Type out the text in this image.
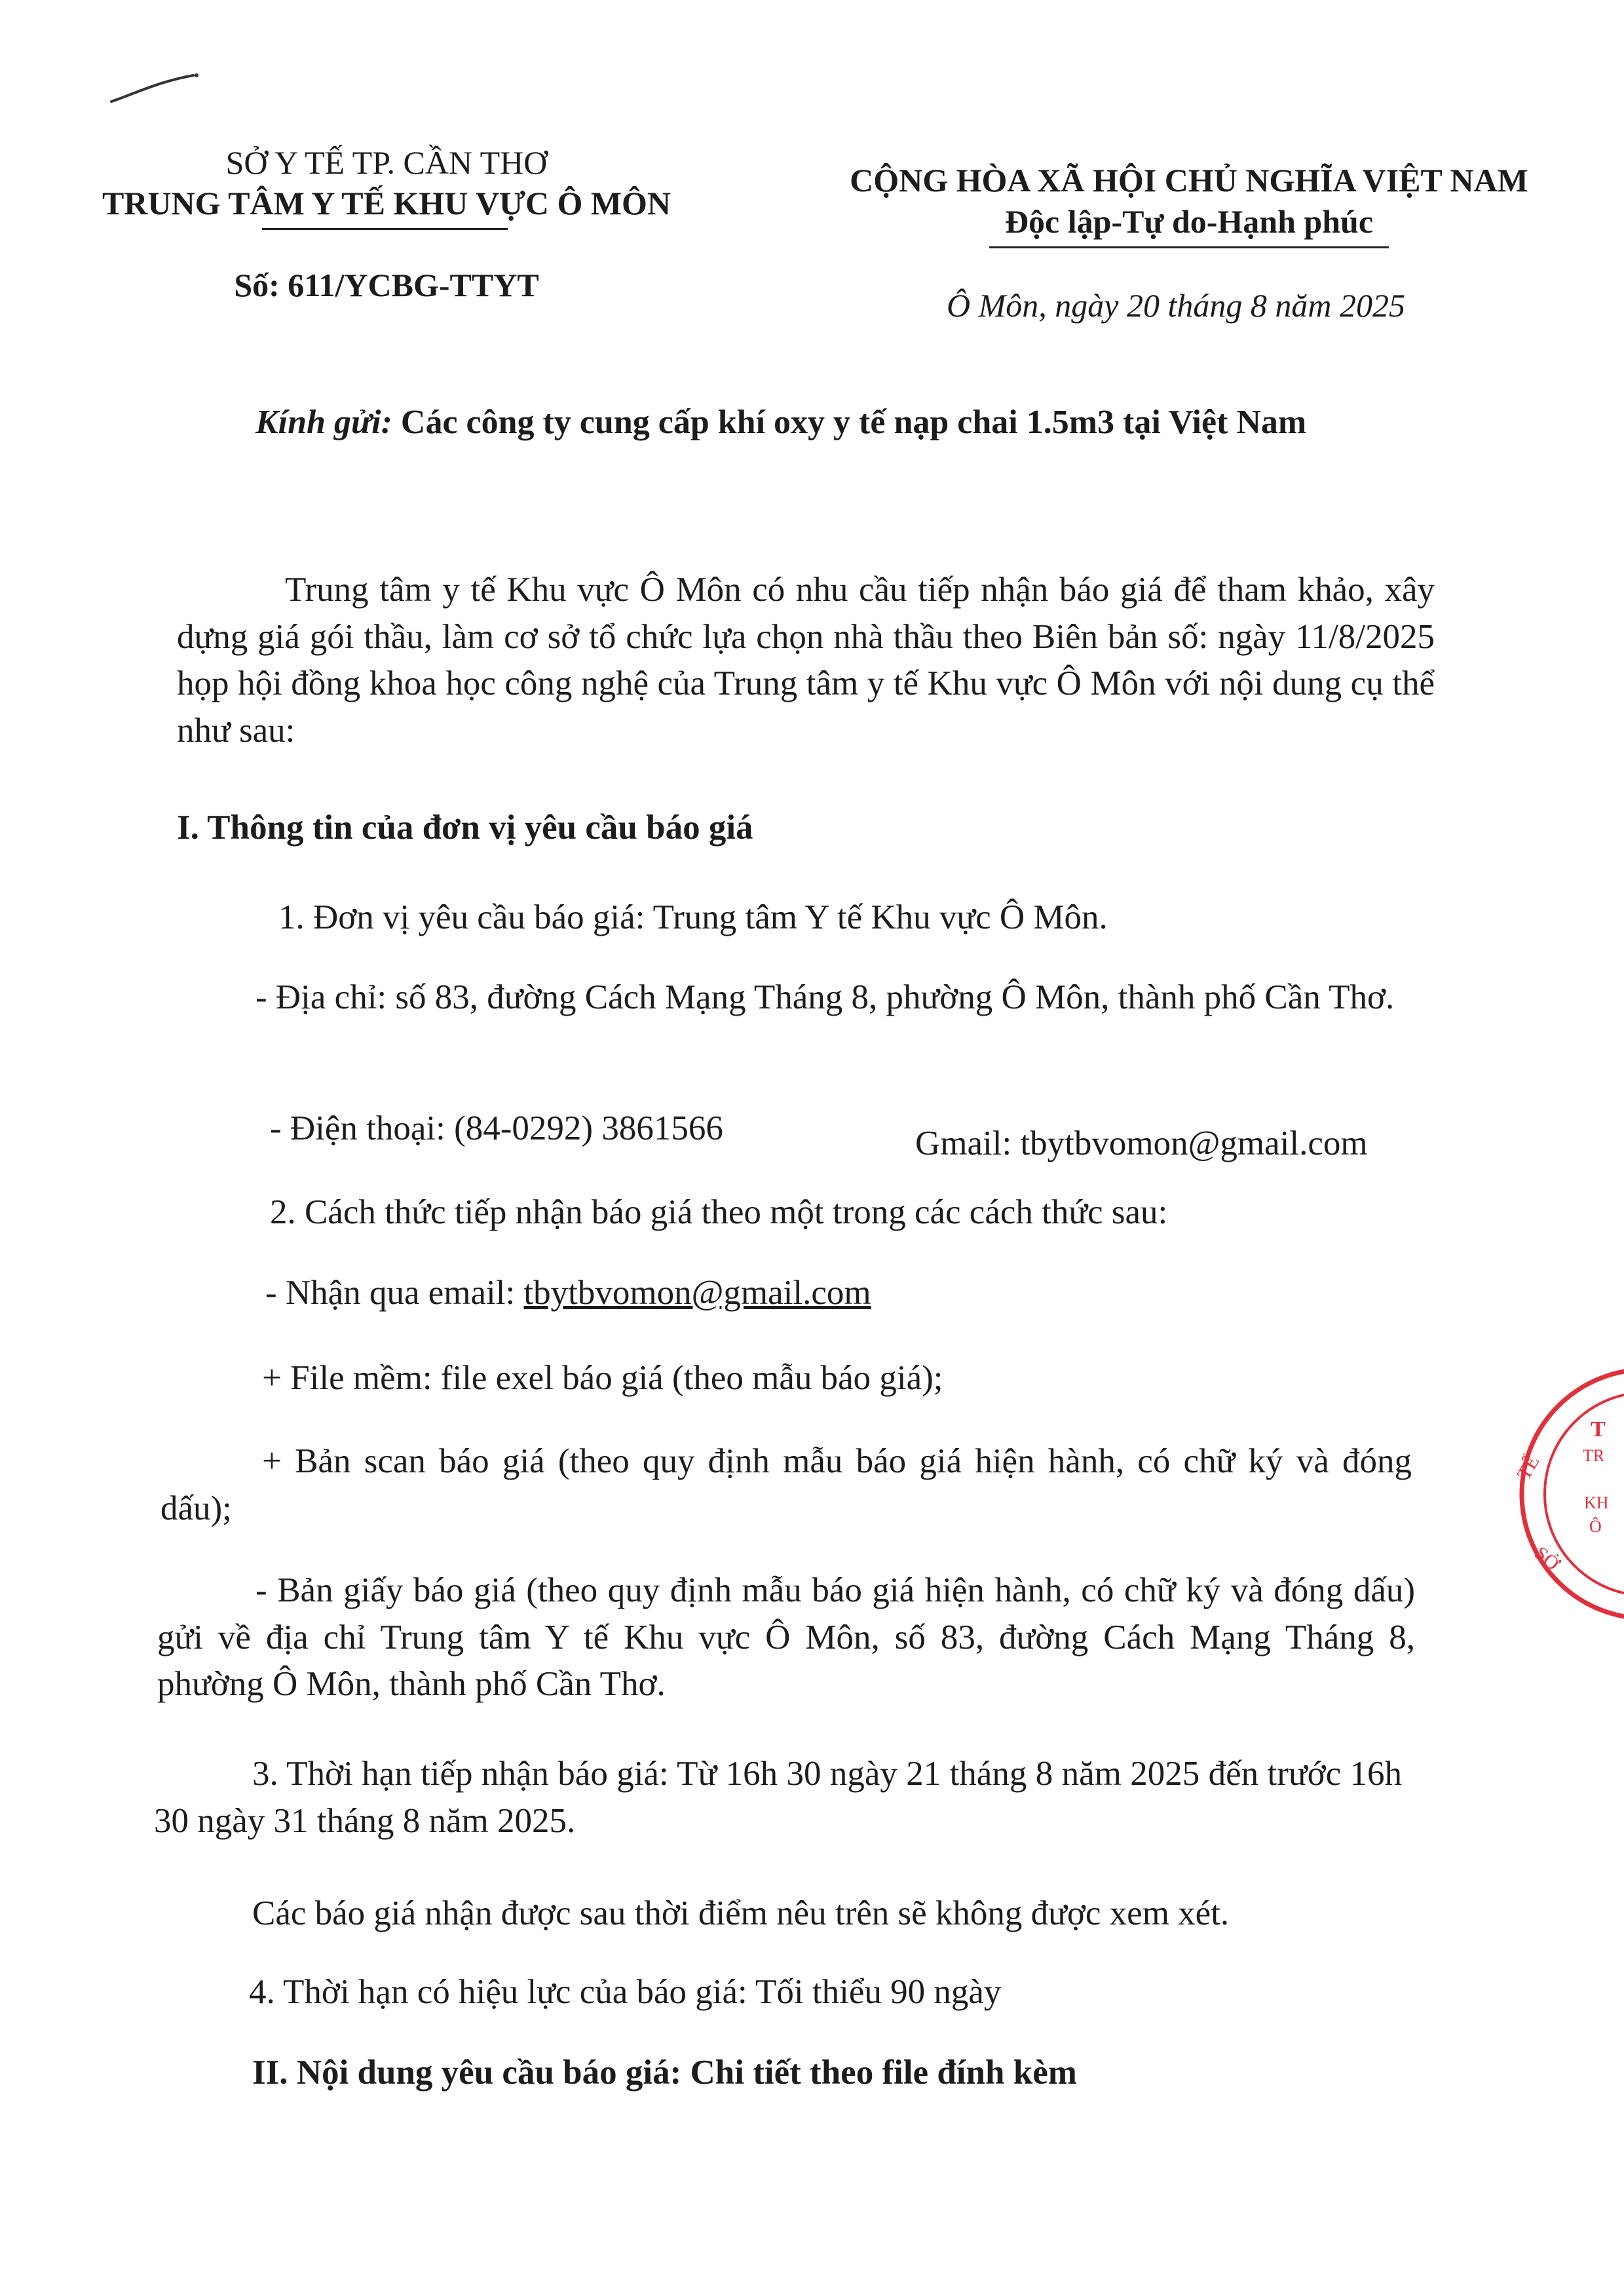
SỞ Y TẾ TP. CẦN THƠ
TRUNG TÂM Y TẾ KHU VỰC Ô MÔN
Số: 611/YCBG-TTYT
CỘNG HÒA XÃ HỘI CHỦ NGHĨA VIỆT NAM
Độc lập-Tự do-Hạnh phúc
Ô Môn, ngày 20 tháng 8 năm 2025
Kính gửi: Các công ty cung cấp khí oxy y tế nạp chai 1.5m3 tại Việt Nam
Trung tâm y tế Khu vực Ô Môn có nhu cầu tiếp nhận báo giá để tham khảo, xây dựng giá gói thầu, làm cơ sở tổ chức lựa chọn nhà thầu theo Biên bản số: ngày 11/8/2025 họp hội đồng khoa học công nghệ của Trung tâm y tế Khu vực Ô Môn với nội dung cụ thể như sau:
I. Thông tin của đơn vị yêu cầu báo giá
1. Đơn vị yêu cầu báo giá: Trung tâm Y tế Khu vực Ô Môn.
- Địa chỉ: số 83, đường Cách Mạng Tháng 8, phường Ô Môn, thành phố Cần Thơ.
- Điện thoại: (84-0292) 3861566	Gmail: tbytbvomon@gmail.com
2. Cách thức tiếp nhận báo giá theo một trong các cách thức sau:
- Nhận qua email: tbytbvomon@gmail.com
+ File mềm: file exel báo giá (theo mẫu báo giá);
+ Bản scan báo giá (theo quy định mẫu báo giá hiện hành, có chữ ký và đóng dấu);
- Bản giấy báo giá (theo quy định mẫu báo giá hiện hành, có chữ ký và đóng dấu) gửi về địa chỉ Trung tâm Y tế Khu vực Ô Môn, số 83, đường Cách Mạng Tháng 8, phường Ô Môn, thành phố Cần Thơ.
3. Thời hạn tiếp nhận báo giá: Từ 16h 30 ngày 21 tháng 8 năm 2025 đến trước 16h 30 ngày 31 tháng 8 năm 2025.
Các báo giá nhận được sau thời điểm nêu trên sẽ không được xem xét.
4. Thời hạn có hiệu lực của báo giá: Tối thiểu 90 ngày
II. Nội dung yêu cầu báo giá: Chi tiết theo file đính kèm
T
TR
KH
Ô
TẾ
SỞ
